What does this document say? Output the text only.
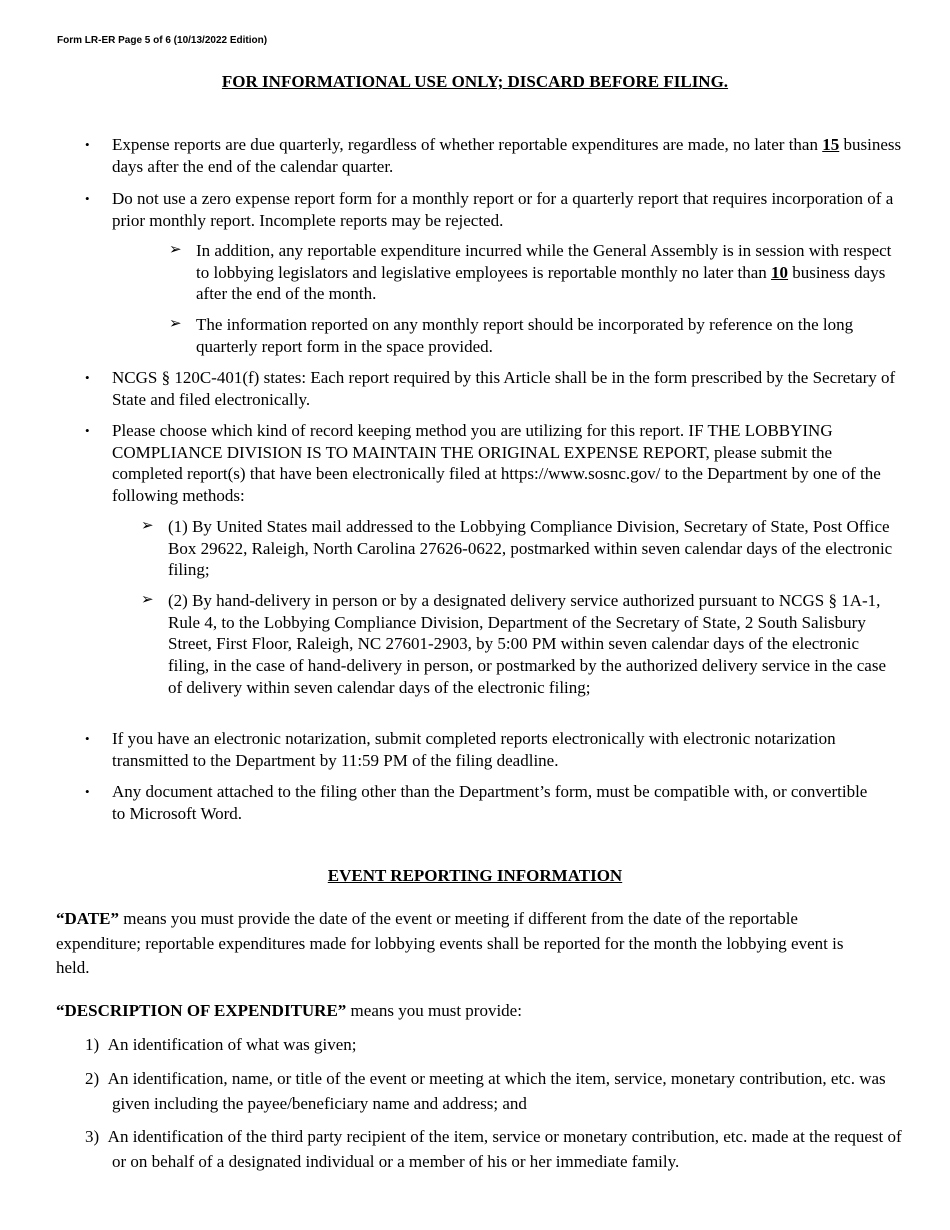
Form LR-ER Page 5 of 6 (10/13/2022 Edition)
FOR INFORMATIONAL USE ONLY; DISCARD BEFORE FILING.
• Expense reports are due quarterly, regardless of whether reportable expenditures are made, no later than 15 business days after the end of the calendar quarter.
• Do not use a zero expense report form for a monthly report or for a quarterly report that requires incorporation of a prior monthly report. Incomplete reports may be rejected.
➢ In addition, any reportable expenditure incurred while the General Assembly is in session with respect to lobbying legislators and legislative employees is reportable monthly no later than 10 business days after the end of the month.
➢ The information reported on any monthly report should be incorporated by reference on the long quarterly report form in the space provided.
• NCGS § 120C-401(f) states: Each report required by this Article shall be in the form prescribed by the Secretary of State and filed electronically.
• Please choose which kind of record keeping method you are utilizing for this report. IF THE LOBBYING COMPLIANCE DIVISION IS TO MAINTAIN THE ORIGINAL EXPENSE REPORT, please submit the completed report(s) that have been electronically filed at https://www.sosnc.gov/ to the Department by one of the following methods:
➢ (1) By United States mail addressed to the Lobbying Compliance Division, Secretary of State, Post Office Box 29622, Raleigh, North Carolina 27626-0622, postmarked within seven calendar days of the electronic filing;
➢ (2) By hand-delivery in person or by a designated delivery service authorized pursuant to NCGS § 1A-1, Rule 4, to the Lobbying Compliance Division, Department of the Secretary of State, 2 South Salisbury Street, First Floor, Raleigh, NC 27601-2903, by 5:00 PM within seven calendar days of the electronic filing, in the case of hand-delivery in person, or postmarked by the authorized delivery service in the case of delivery within seven calendar days of the electronic filing;
• If you have an electronic notarization, submit completed reports electronically with electronic notarization transmitted to the Department by 11:59 PM of the filing deadline.
• Any document attached to the filing other than the Department’s form, must be compatible with, or convertible to Microsoft Word.
EVENT REPORTING INFORMATION
“DATE” means you must provide the date of the event or meeting if different from the date of the reportable expenditure; reportable expenditures made for lobbying events shall be reported for the month the lobbying event is held.
“DESCRIPTION OF EXPENDITURE” means you must provide:
1) An identification of what was given;
2) An identification, name, or title of the event or meeting at which the item, service, monetary contribution, etc. was given including the payee/beneficiary name and address; and
3) An identification of the third party recipient of the item, service or monetary contribution, etc. made at the request of or on behalf of a designated individual or a member of his or her immediate family.
